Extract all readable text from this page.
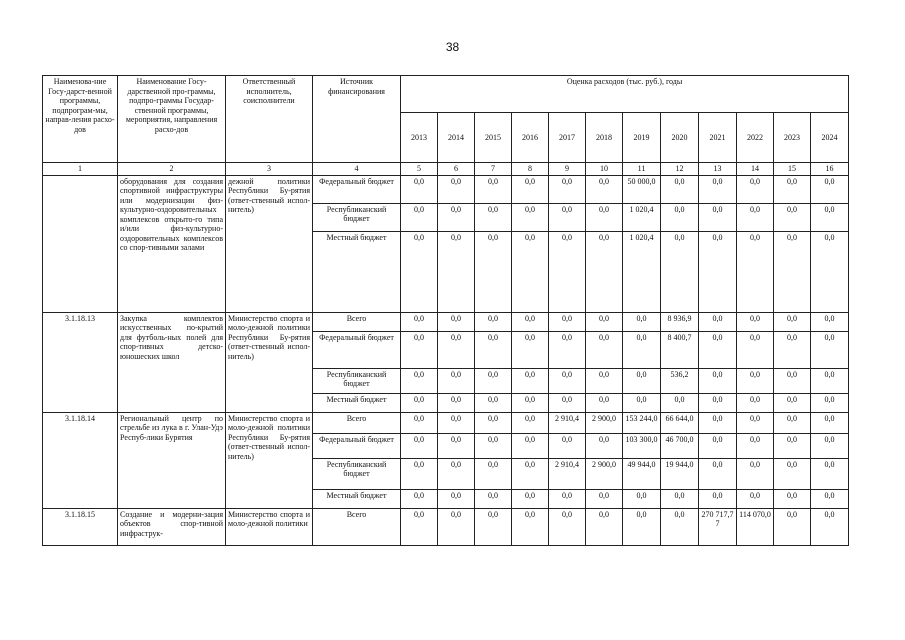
38
Наименова-ние Госу-дарст-венной программы, подпрограм-мы, направ-ления расхо-дов	Наименование Госу-дарственной про-граммы, подпро-граммы Государ-ственной программы, мероприятия, направления расхо-дов	Ответственный исполнитель, соисполнители	Источник финансирования	Оценка расходов (тыс. руб.), годы											
				2013	2014	2015	2016	2017	2018	2019	2020	2021	2022	2023	2024
1	2	3	4	5	6	7	8	9	10	11	12	13	14	15	16
	оборудования для создания спортивной инфраструктуры или модернизации физ-культурно-оздоровительных комплексов открыто-го типа и/или физ-культурно-оздоровительных комплексов со спор-тивными залами	дежной политики Республики Бу-рятия (ответ-ственный испол-нитель)	Федеральный бюджет	0,0	0,0	0,0	0,0	0,0	0,0	50 000,0	0,0	0,0	0,0	0,0	0,0
			Республиканский бюджет	0,0	0,0	0,0	0,0	0,0	0,0	1 020,4	0,0	0,0	0,0	0,0	0,0
			Местный бюджет	0,0	0,0	0,0	0,0	0,0	0,0	1 020,4	0,0	0,0	0,0	0,0	0,0
3.1.18.13	Закупка комплектов искусственных по-крытий для футболь-ных полей для спор-тивных детско-юношеских школ	Министерство спорта и моло-дежной политики Республики Бу-рятия (ответ-ственный испол-нитель)	Всего	0,0	0,0	0,0	0,0	0,0	0,0	0,0	8 936,9	0,0	0,0	0,0	0,0
			Федеральный бюджет	0,0	0,0	0,0	0,0	0,0	0,0	0,0	8 400,7	0,0	0,0	0,0	0,0
			Республиканский бюджет	0,0	0,0	0,0	0,0	0,0	0,0	0,0	536,2	0,0	0,0	0,0	0,0
			Местный бюджет	0,0	0,0	0,0	0,0	0,0	0,0	0,0	0,0	0,0	0,0	0,0	0,0
3.1.18.14	Региональный центр по стрельбе из лука в г. Улан-Удэ Респуб-лики Бурятия	Министерство спорта и моло-дежной политики Республики Бу-рятия (ответ-ственный испол-нитель)	Всего	0,0	0,0	0,0	0,0	2 910,4	2 900,0	153 244,0	66 644,0	0,0	0,0	0,0	0,0
			Федеральный бюджет	0,0	0,0	0,0	0,0	0,0	0,0	103 300,0	46 700,0	0,0	0,0	0,0	0,0
			Республиканский бюджет	0,0	0,0	0,0	0,0	2 910,4	2 900,0	49 944,0	19 944,0	0,0	0,0	0,0	0,0
			Местный бюджет	0,0	0,0	0,0	0,0	0,0	0,0	0,0	0,0	0,0	0,0	0,0	0,0
3.1.18.15	Создание и модерни-зация объектов спор-тивной инфраструк-	Министерство спорта и моло-дежной политики	Всего	0,0	0,0	0,0	0,0	0,0	0,0	0,0	0,0	270 717,7 7	114 070,0	0,0	0,0
